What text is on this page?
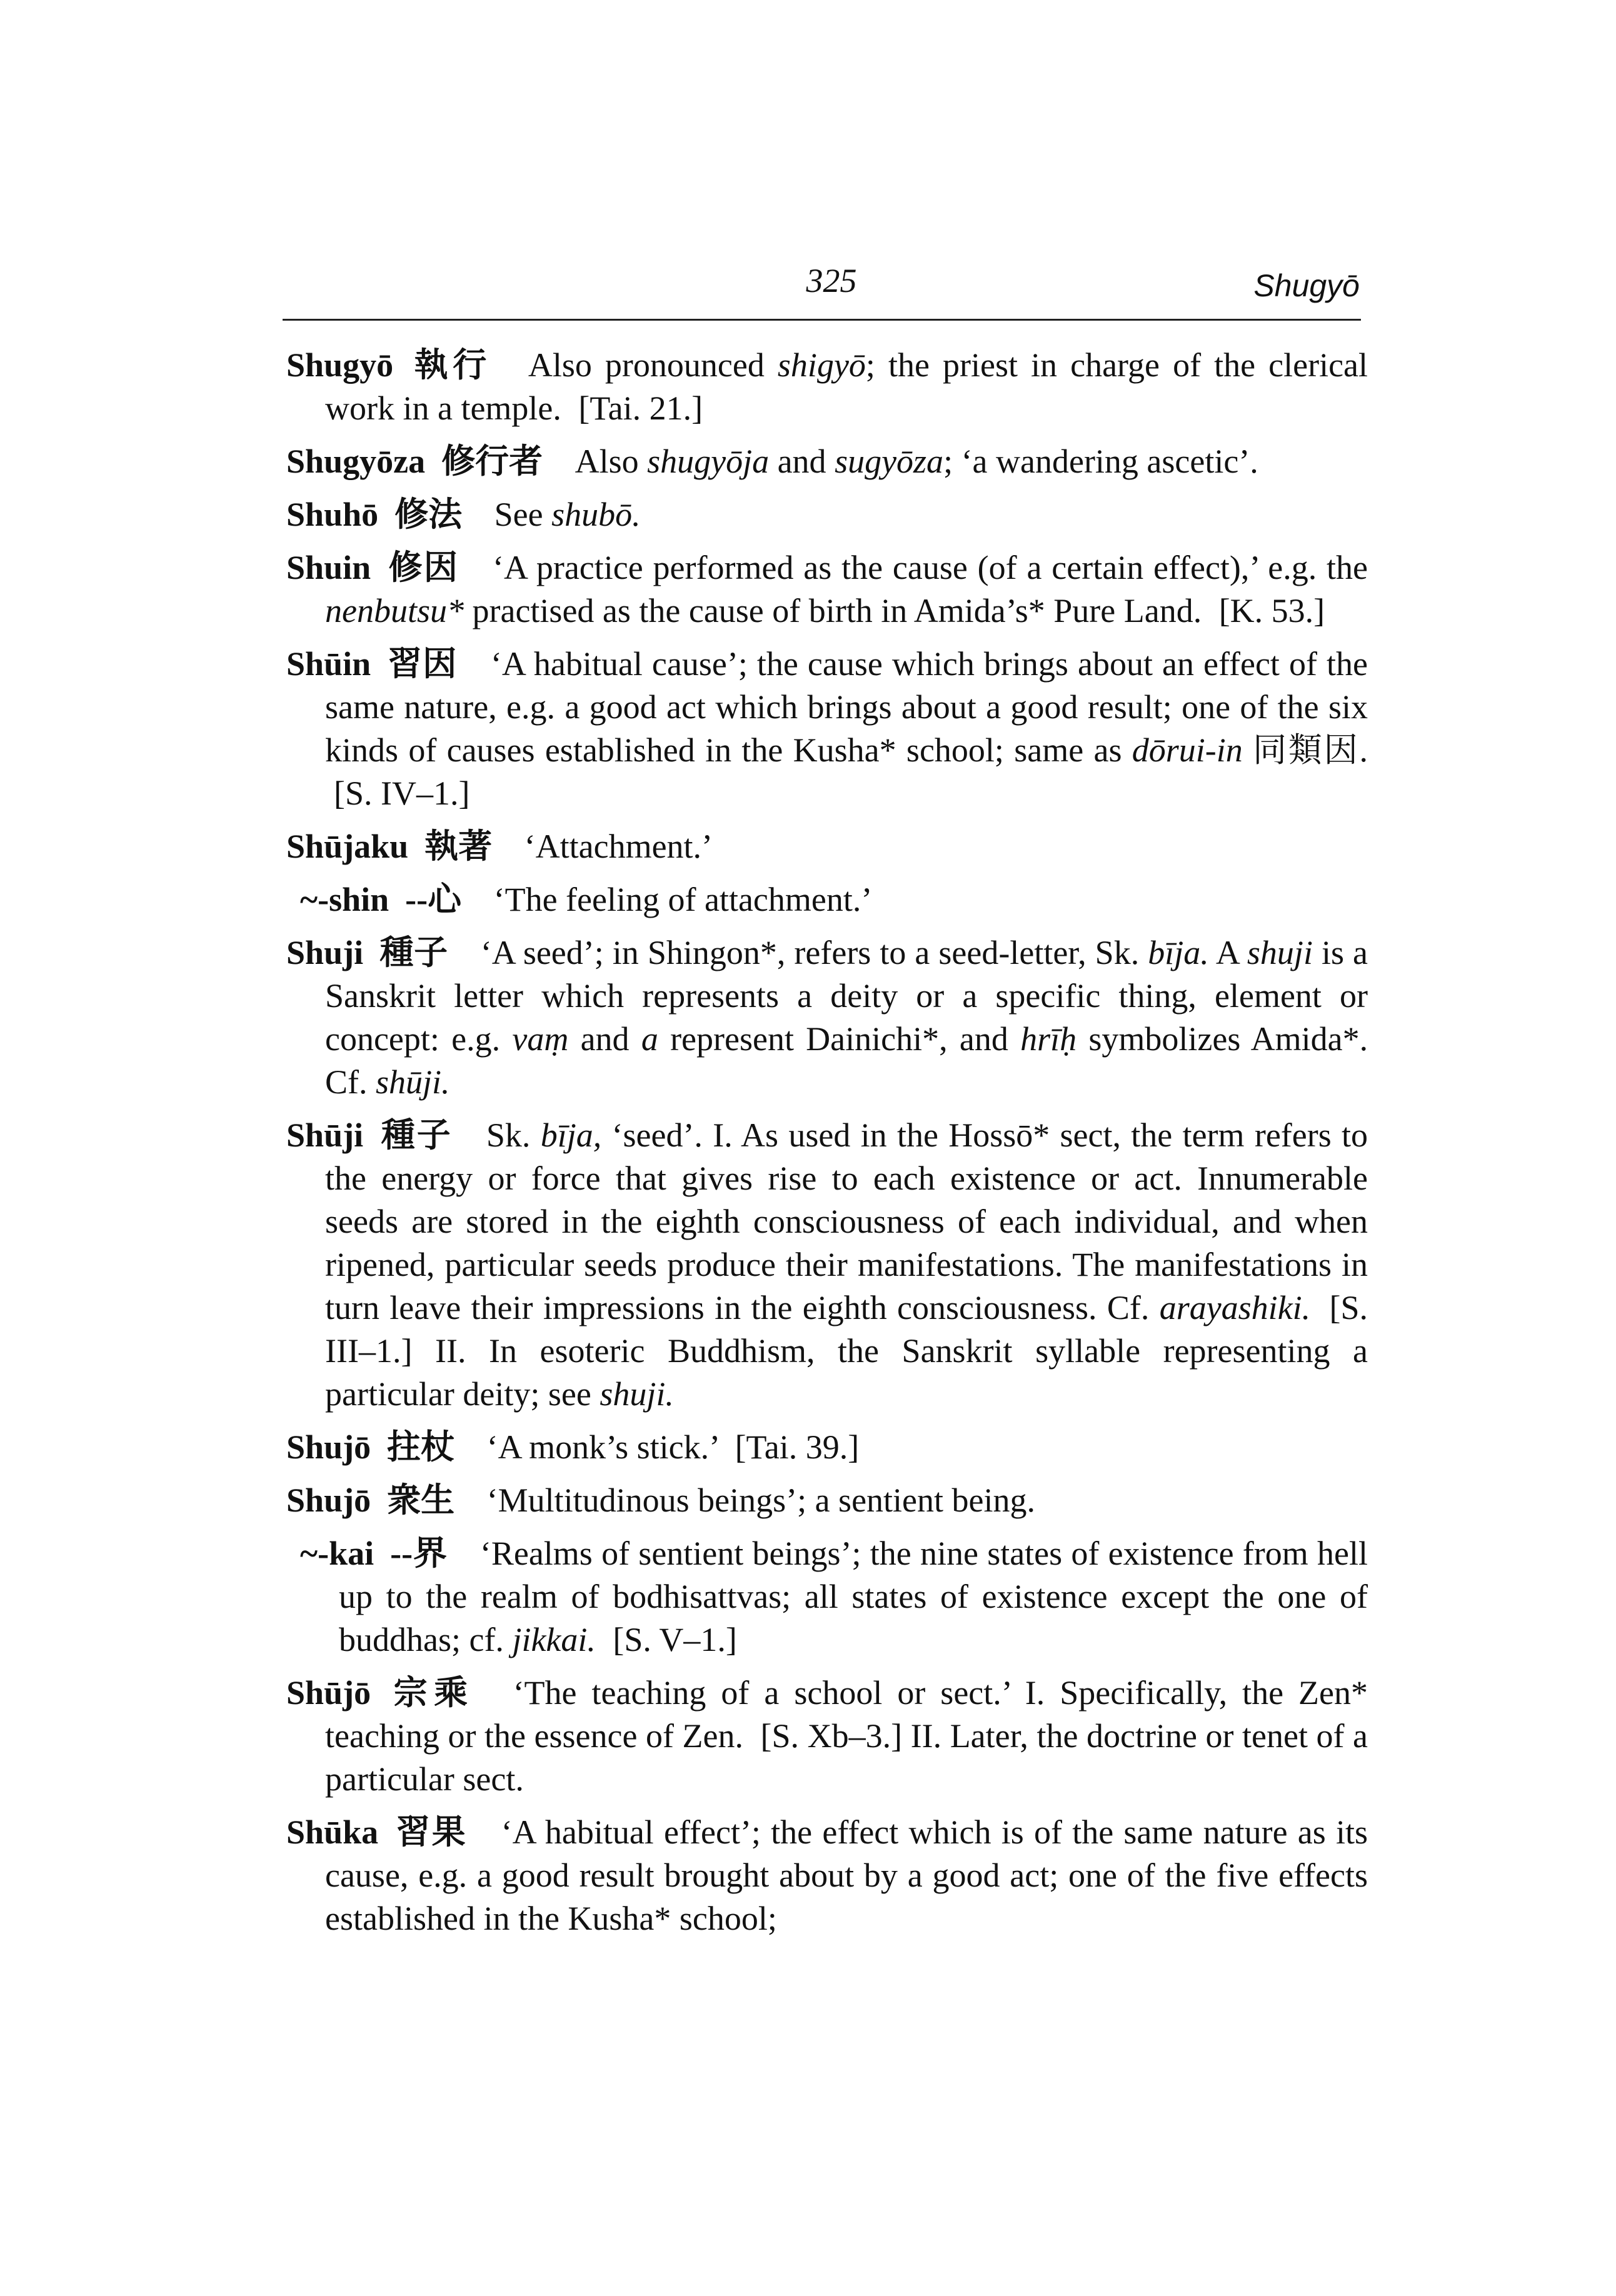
325	Shugyō
Shugyō 執行 Also pronounced shigyō; the priest in charge of the clerical work in a temple. [Tai. 21.]
Shugyōza 修行者 Also shugyōja and sugyōza; ‘a wandering ascetic’.
Shuhō 修法 See shubō.
Shuin 修因 ‘A practice performed as the cause (of a certain effect),’ e.g. the nenbutsu* practised as the cause of birth in Amida’s* Pure Land. [K. 53.]
Shūin 習因 ‘A habitual cause’; the cause which brings about an effect of the same nature, e.g. a good act which brings about a good result; one of the six kinds of causes established in the Kusha* school; same as dōrui-in 同類因. [S. IV–1.]
Shūjaku 執著 ‘Attachment.’
~-shin --心 ‘The feeling of attachment.’
Shuji 種子 ‘A seed’; in Shingon*, refers to a seed-letter, Sk. bīja. A shuji is a Sanskrit letter which represents a deity or a specific thing, element or concept: e.g. vaṃ and a represent Dainichi*, and hrīḥ symbolizes Amida*. Cf. shūji.
Shūji 種子 Sk. bīja, ‘seed’. I. As used in the Hossō* sect, the term refers to the energy or force that gives rise to each existence or act. Innumerable seeds are stored in the eighth consciousness of each individual, and when ripened, particular seeds produce their manifestations. The manifestations in turn leave their impressions in the eighth consciousness. Cf. arayashiki. [S. III–1.] II. In esoteric Buddhism, the Sanskrit syllable representing a particular deity; see shuji.
Shujō 拄杖 ‘A monk’s stick.’ [Tai. 39.]
Shujō 衆生 ‘Multitudinous beings’; a sentient being.
~-kai --界 ‘Realms of sentient beings’; the nine states of existence from hell up to the realm of bodhisattvas; all states of existence except the one of buddhas; cf. jikkai. [S. V–1.]
Shūjō 宗乘 ‘The teaching of a school or sect.’ I. Specifically, the Zen* teaching or the essence of Zen. [S. Xb–3.] II. Later, the doctrine or tenet of a particular sect.
Shūka 習果 ‘A habitual effect’; the effect which is of the same nature as its cause, e.g. a good result brought about by a good act; one of the five effects established in the Kusha* school;
